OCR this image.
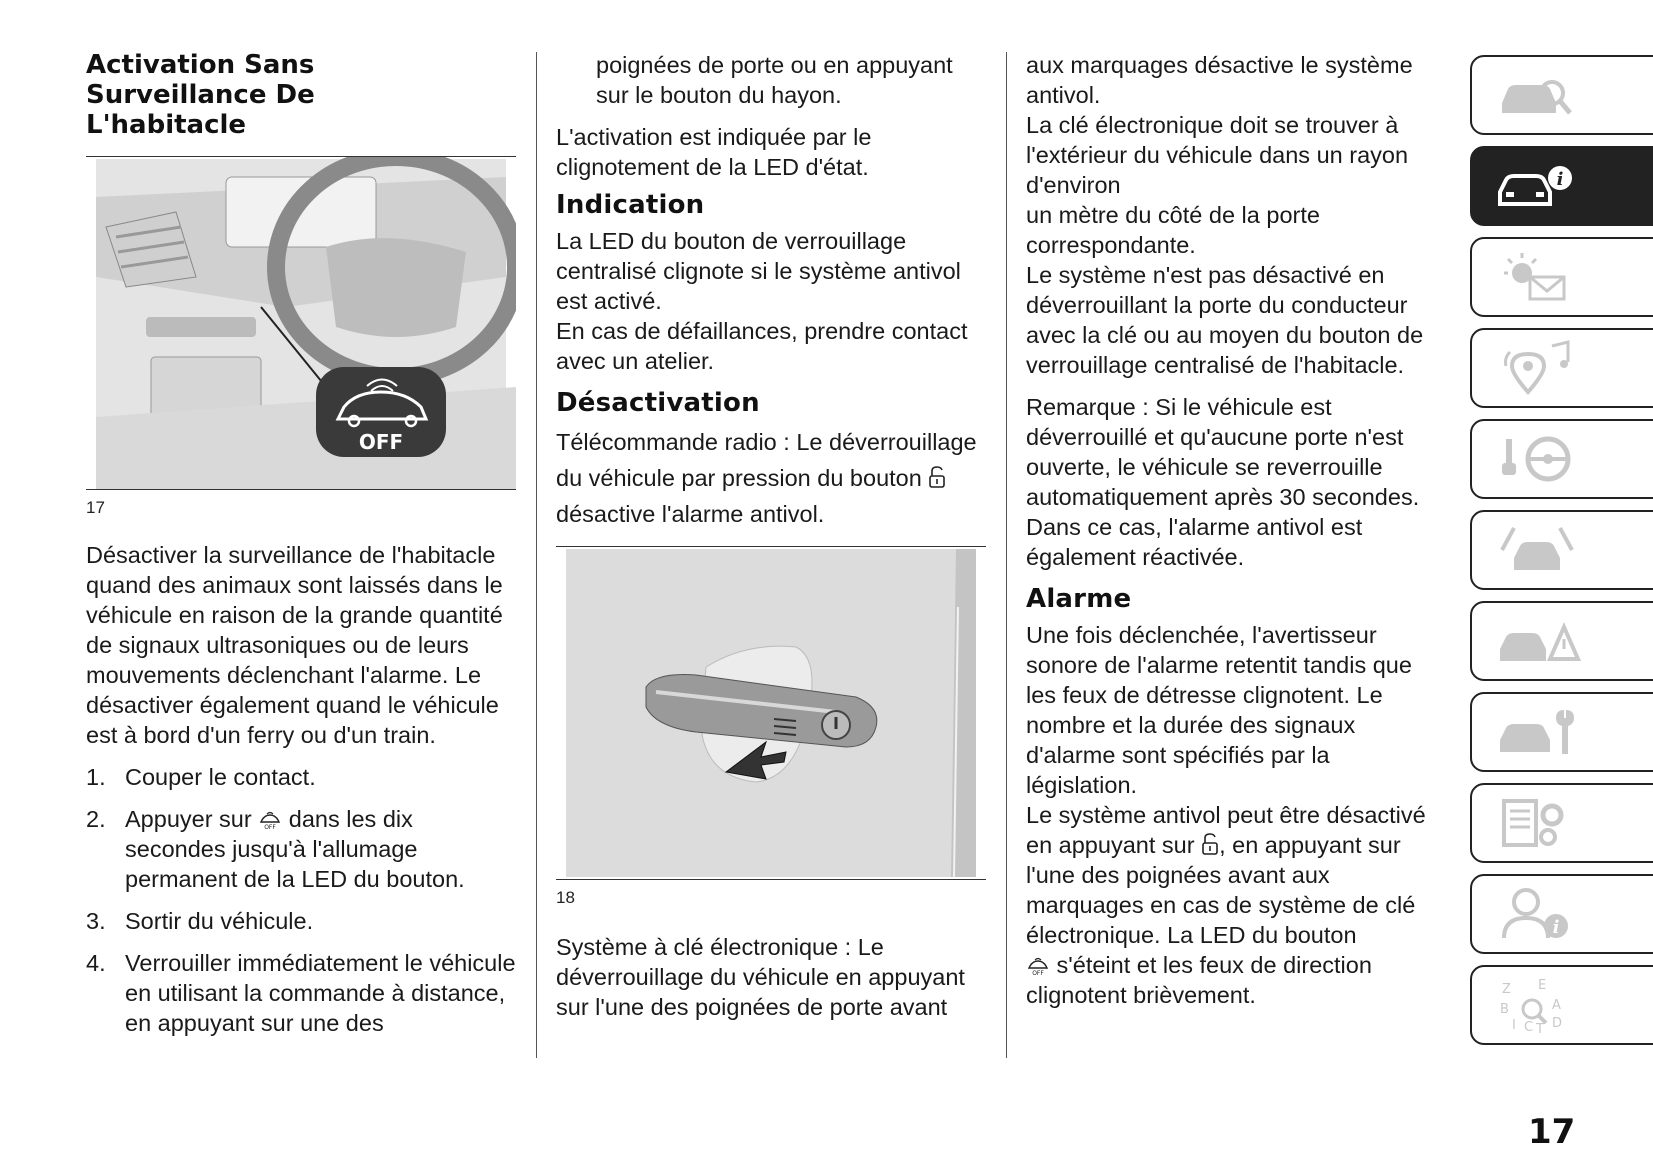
Activation Sans Surveillance De L'habitacle
OFF
17

Désactiver la surveillance de l'habitacle quand des animaux sont laissés dans le véhicule en raison de la grande quantité de signaux ultrasoniques ou de leurs mouvements déclenchant l'alarme. Le désactiver également quand le véhicule est à bord d'un ferry ou d'un train.

1. Couper le contact.
2. Appuyer sur OFF dans les dix secondes jusqu'à l'allumage permanent de la LED du bouton.
3. Sortir du véhicule.
4. Verrouiller immédiatement le véhicule en utilisant la commande à distance, en appuyant sur une des

poignées de porte ou en appuyant sur le bouton du hayon.

L'activation est indiquée par le clignotement de la LED d'état.

Indication

La LED du bouton de verrouillage centralisé clignote si le système antivol est activé.

En cas de défaillances, prendre contact avec un atelier.

Désactivation

Télécommande radio : Le déverrouillage du véhicule par pression du bouton  désactive l'alarme antivol.

18

Système à clé électronique : Le déverrouillage du véhicule en appuyant sur l'une des poignées de porte avant

aux marquages désactive le système antivol.

La clé électronique doit se trouver à l'extérieur du véhicule dans un rayon d'environ

un mètre du côté de la porte correspondante.

Le système n'est pas désactivé en déverrouillant la porte du conducteur avec la clé ou au moyen du bouton de verrouillage centralisé de l'habitacle.

Remarque : Si le véhicule est déverrouillé et qu'aucune porte n'est ouverte, le véhicule se reverrouille automatiquement après 30 secondes. Dans ce cas, l'alarme antivol est également réactivée.

Alarme

Une fois déclenchée, l'avertisseur sonore de l'alarme retentit tandis que les feux de détresse clignotent. Le nombre et la durée des signaux d'alarme sont spécifiés par la législation.

Le système antivol peut être désactivé en appuyant sur , en appuyant sur l'une des poignées avant aux marquages en cas de système de clé électronique. La LED du bouton

OFF s'éteint et les feux de direction clignotent brièvement.

i
i
Z E
B	A
I C T D
17
